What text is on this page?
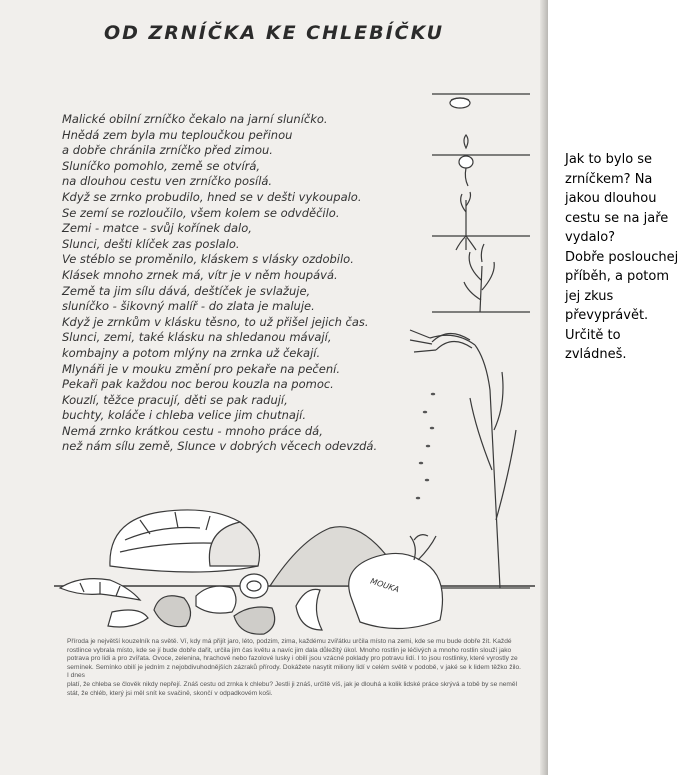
OD ZRNÍČKA KE CHLEBÍČKU
Malické obilní zrníčko čekalo na jarní sluníčko.
Hnědá zem byla mu teploučkou peřinou
a dobře chránila zrníčko před zimou.
Sluníčko pomohlo, země se otvírá,
na dlouhou cestu ven zrníčko posílá.
Když se zrnko probudilo, hned se v dešti vykoupalo.
Se zemí se rozloučilo, všem kolem se odvděčilo.
Zemi - matce - svůj kořínek dalo,
Slunci, dešti klíček zas poslalo.
Ve stéblo se proměnilo, kláskem s vlásky ozdobilo.
Klásek mnoho zrnek má, vítr je v něm houpává.
Země ta jim sílu dává, deštíček je svlažuje,
sluníčko - šikovný malíř - do zlata je maluje.
Když je zrnkům v klásku těsno, to už přišel jejich čas.
Slunci, zemi, také klásku na shledanou mávají,
kombajny a potom mlýny na zrnka už čekají.
Mlynáři je v mouku změní pro pekaře na pečení.
Pekaři pak každou noc berou kouzla na pomoc.
Kouzlí, těžce pracují, děti se pak radují,
buchty, koláče i chleba velice jim chutnají.
Nemá zrnko krátkou cestu - mnoho práce dá,
než nám sílu země, Slunce v dobrých věcech odevzdá.
MOUKA
Příroda je největší kouzelník na světě. Ví, kdy má přijít jaro, léto, podzim, zima, každému zvířátku určila místo na zemi, kde se mu bude dobře žít. Každé
rostlince vybrala místo, kde se jí bude dobře dařit, určila jim čas květu a navíc jim dala důležitý úkol. Mnoho rostlin je léčivých a mnoho rostlin slouží jako
potrava pro lidi a pro zvířata. Ovoce, zelenina, hrachové nebo fazolové lusky i obilí jsou vzácné poklady pro potravu lidí. I to jsou rostlinky, které vyrostly ze
semínek. Semínko obilí je jedním z nejobdivuhodnějších zázraků přírody. Dokážete nasytit miliony lidí v celém světě v podobě, v jaké se k lidem těžko žilo. I dnes
platí, že chleba se člověk nikdy nepřejí. Znáš cestu od zrnka k chlebu? Jestli ji znáš, určitě víš, jak je dlouhá a kolik lidské práce skrývá a tobě by se neměl
stát, že chléb, který jsi měl snít ke svačině, skončí v odpadkovém koši.
Jak to bylo se
zrníčkem? Na
jakou dlouhou
cestu se na jaře
vydalo?
Dobře poslouchej
příběh, a potom
jej zkus
převyprávět.
Určitě to
zvládneš.
